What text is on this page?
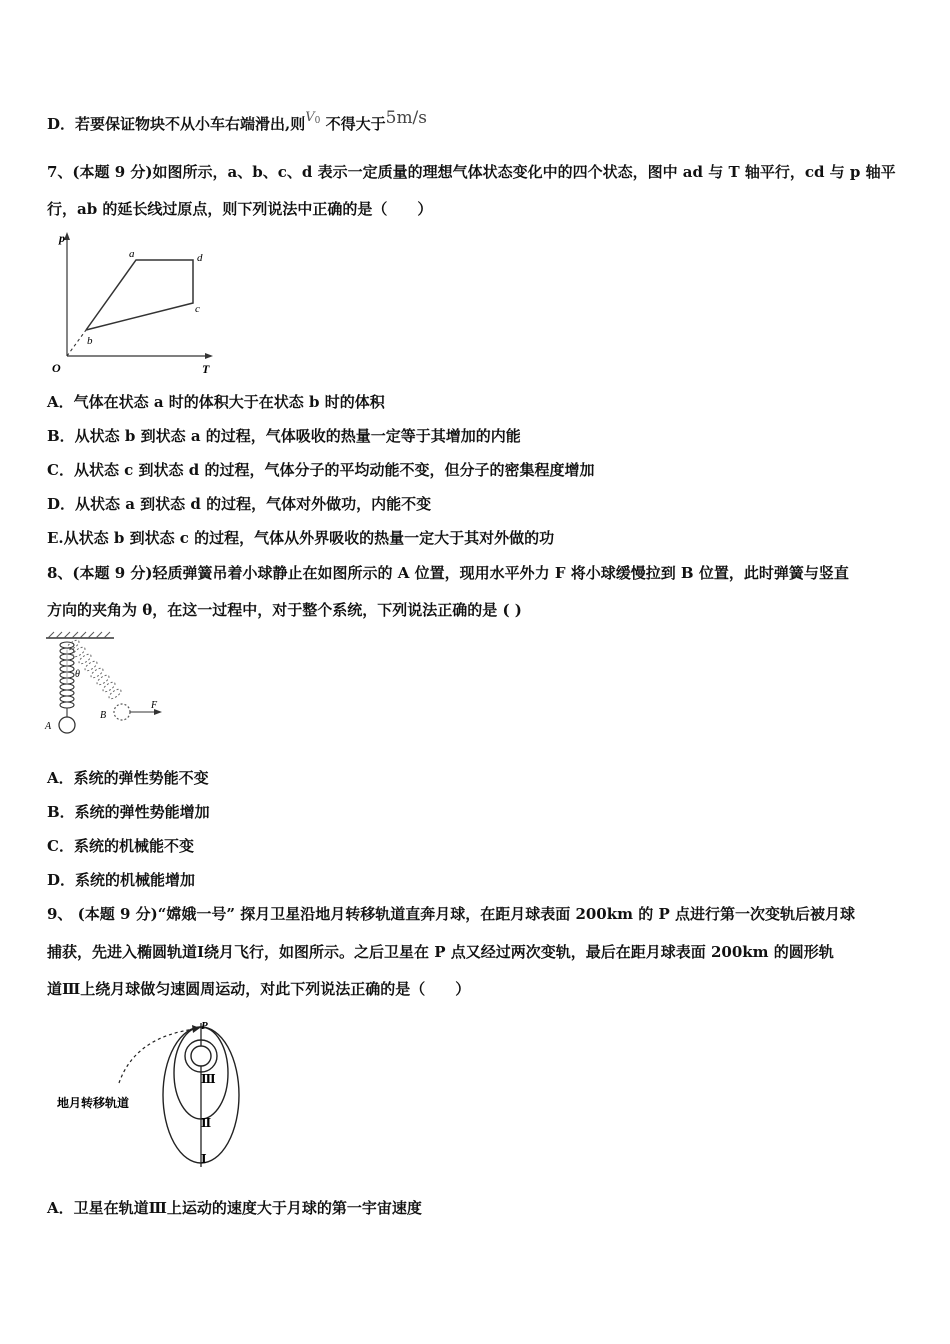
D．若要保证物块不从小车右端滑出,则$V^0$ 不得大于5m/s
7、(本题 9 分)如图所示，a、b、c、d 表示一定质量的理想气体状态变化中的四个状态，图中 ad 与 T 轴平行，cd 与 p 轴平
行，ab 的延长线过原点，则下列说法中正确的是（　　）
p
T
O
a
b
c
d
A．气体在状态 a 时的体积大于在状态 b 时的体积
B．从状态 b 到状态 a 的过程，气体吸收的热量一定等于其增加的内能
C．从状态 c 到状态 d 的过程，气体分子的平均动能不变，但分子的密集程度增加
D．从状态 a 到状态 d 的过程，气体对外做功，内能不变
E.从状态 b 到状态 c 的过程，气体从外界吸收的热量一定大于其对外做的功
8、(本题 9 分)轻质弹簧吊着小球静止在如图所示的 A 位置，现用水平外力 F 将小球缓慢拉到 B 位置，此时弹簧与竖直
方向的夹角为 θ，在这一过程中，对于整个系统，下列说法正确的是 ( )
A
B
F
θ
A．系统的弹性势能不变
B．系统的弹性势能增加
C．系统的机械能不变
D．系统的机械能增加
9、 (本题 9 分)“嫦娥一号” 探月卫星沿地月转移轨道直奔月球，在距月球表面 200km 的 P 点进行第一次变轨后被月球
捕获，先进入椭圆轨道Ⅰ绕月飞行，如图所示。之后卫星在 P 点又经过两次变轨，最后在距月球表面 200km 的圆形轨
道Ⅲ上绕月球做匀速圆周运动，对此下列说法正确的是（　　）
P
Ⅲ
Ⅱ
Ⅰ
地月转移轨道
A．卫星在轨道Ⅲ上运动的速度大于月球的第一宇宙速度
